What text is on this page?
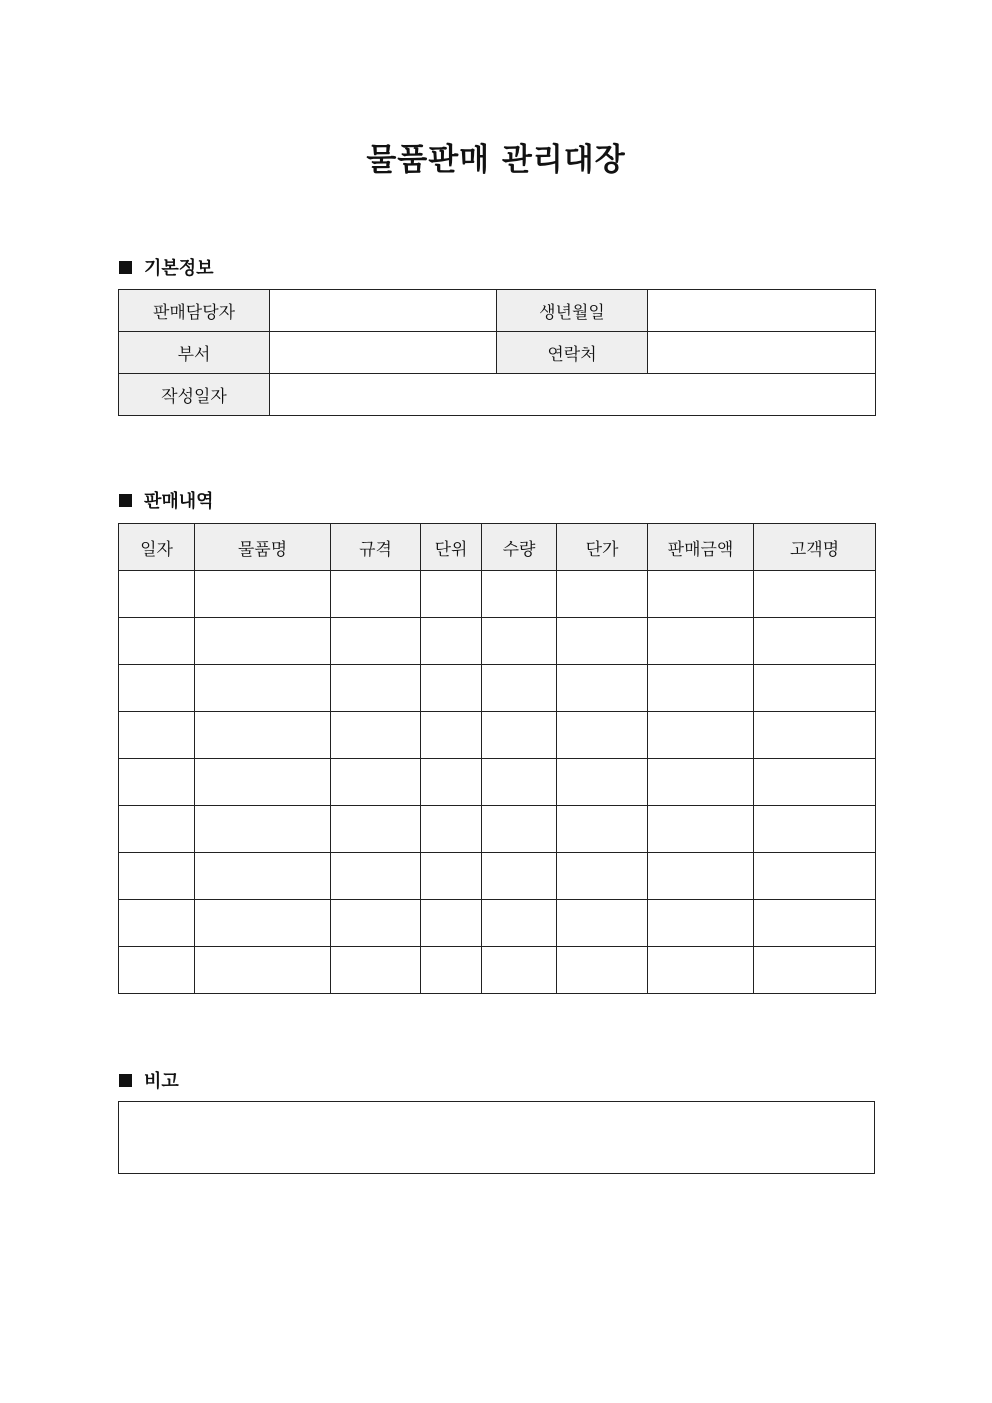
물품판매 관리대장
기본정보
판매담당자		생년월일	
부서		연락처	
작성일자			
판매내역
일자	물품명	규격	단위	수량	단가	판매금액	고객명

비고
